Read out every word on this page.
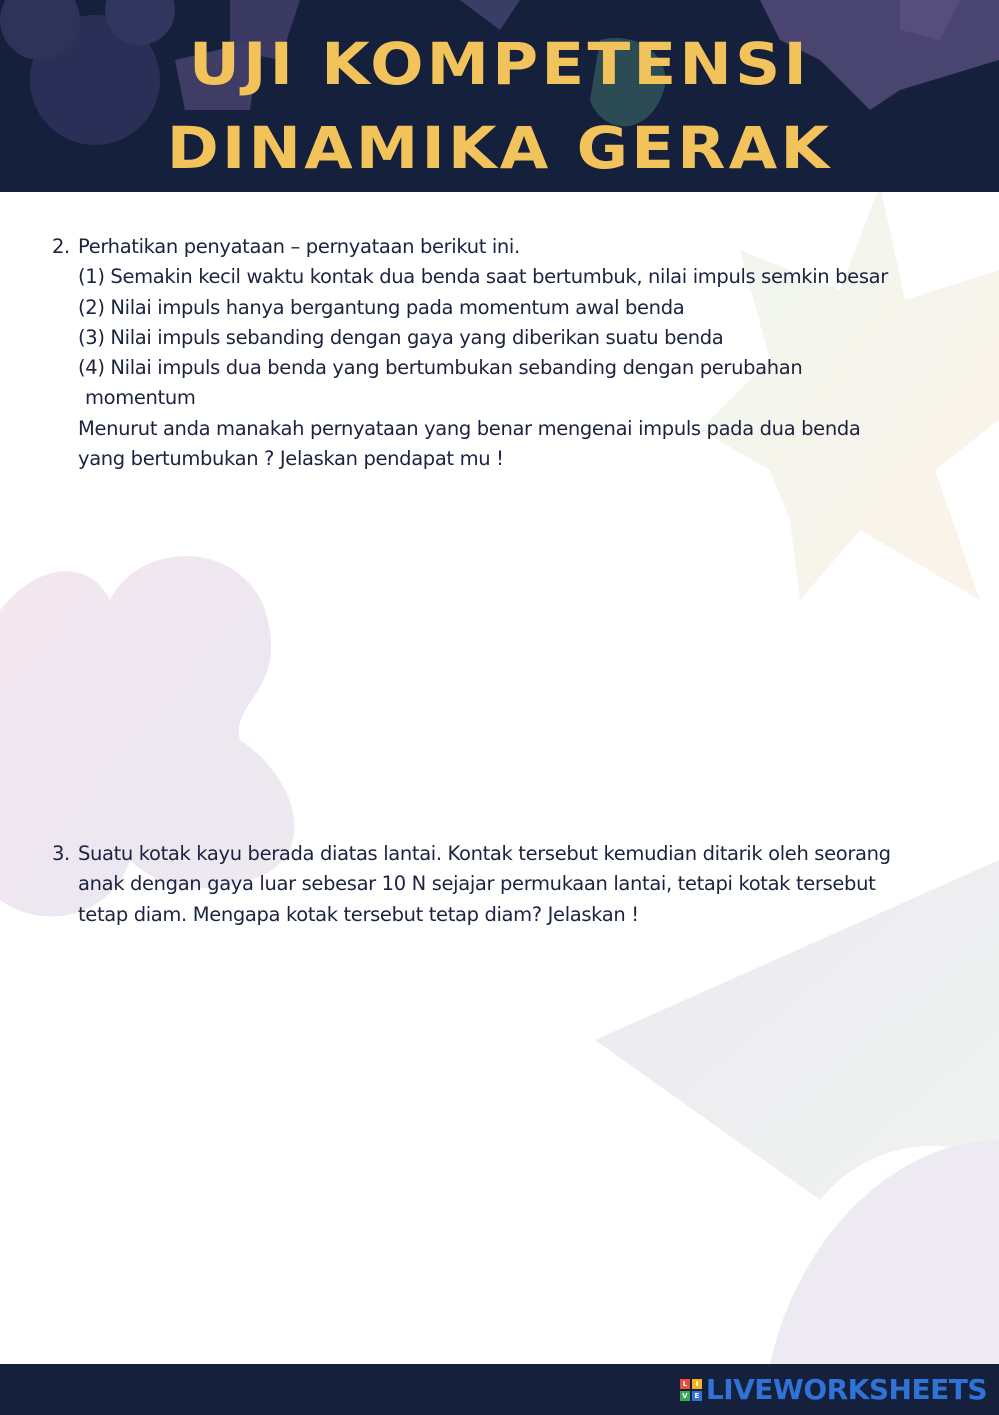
UJI KOMPETENSI
DINAMIKA GERAK
2. Perhatikan penyataan – pernyataan berikut ini.
(1) Semakin kecil waktu kontak dua benda saat bertumbuk, nilai impuls semkin besar
(2) Nilai impuls hanya bergantung pada momentum awal benda
(3) Nilai impuls sebanding dengan gaya yang diberikan suatu benda
(4) Nilai impuls dua benda yang bertumbukan sebanding dengan perubahan
momentum
Menurut anda manakah pernyataan yang benar mengenai impuls pada dua benda
yang bertumbukan ? Jelaskan pendapat mu !
3. Suatu kotak kayu berada diatas lantai. Kontak tersebut kemudian ditarik oleh seorang
anak dengan gaya luar sebesar 10 N sejajar permukaan lantai, tetapi kotak tersebut
tetap diam. Mengapa kotak tersebut tetap diam? Jelaskan !
L	I
V E LIVEWORKSHEETS
